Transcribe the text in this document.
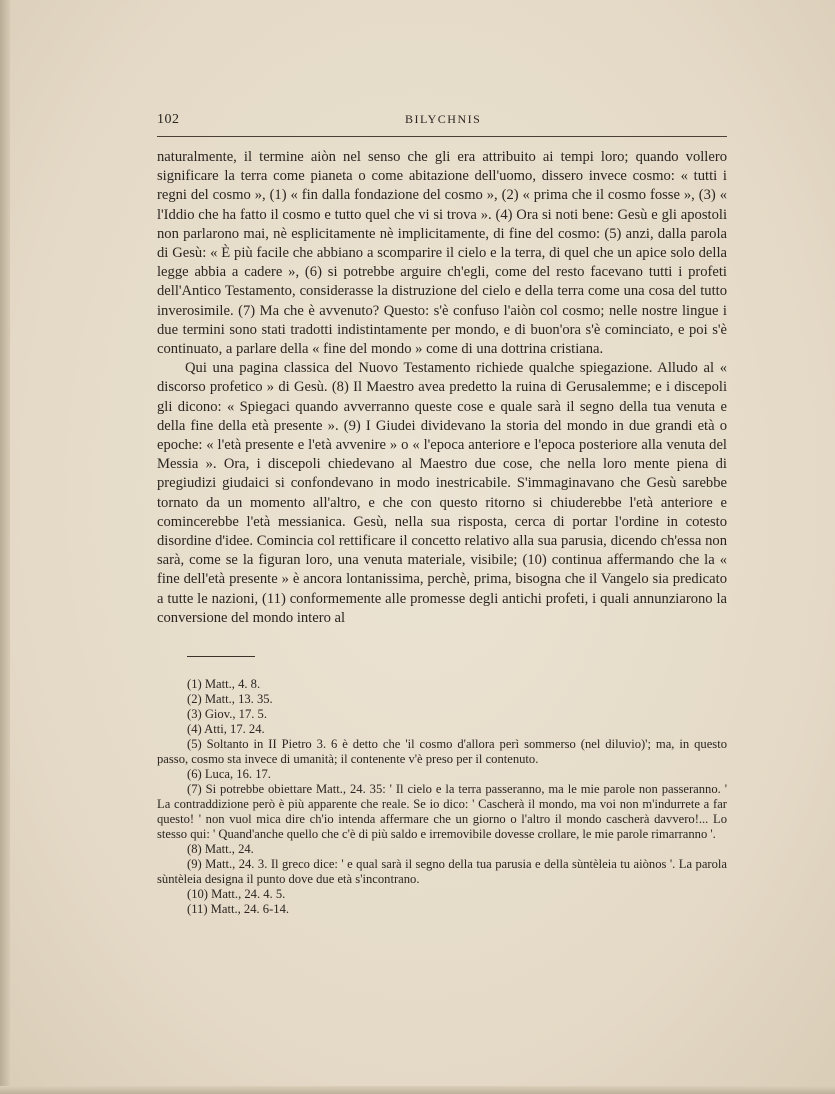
102	BILYCHNIS

naturalmente, il termine aiòn nel senso che gli era attribuito ai tempi loro; quando vollero significare la terra come pianeta o come abitazione dell'uomo, dissero invece cosmo: « tutti i regni del cosmo », (1) « fin dalla fondazione del cosmo », (2) « prima che il cosmo fosse », (3) « l'Iddio che ha fatto il cosmo e tutto quel che vi si trova ». (4) Ora si noti bene: Gesù e gli apostoli non parlarono mai, nè esplicitamente nè implicitamente, di fine del cosmo: (5) anzi, dalla parola di Gesù: « È più facile che abbiano a scomparire il cielo e la terra, di quel che un apice solo della legge abbia a cadere », (6) si potrebbe arguire ch'egli, come del resto facevano tutti i profeti dell'Antico Testamento, considerasse la distruzione del cielo e della terra come una cosa del tutto inverosimile. (7) Ma che è avvenuto? Questo: s'è confuso l'aiòn col cosmo; nelle nostre lingue i due termini sono stati tradotti indistintamente per mondo, e di buon'ora s'è cominciato, e poi s'è continuato, a parlare della « fine del mondo » come di una dottrina cristiana.

Qui una pagina classica del Nuovo Testamento richiede qualche spiegazione. Alludo al « discorso profetico » di Gesù. (8) Il Maestro avea predetto la ruina di Gerusalemme; e i discepoli gli dicono: « Spiegaci quando avverranno queste cose e quale sarà il segno della tua venuta e della fine della età presente ». (9) I Giudei dividevano la storia del mondo in due grandi età o epoche: « l'età presente e l'età avvenire » o « l'epoca anteriore e l'epoca posteriore alla venuta del Messia ». Ora, i discepoli chiedevano al Maestro due cose, che nella loro mente piena di pregiudizi giudaici si confondevano in modo inestricabile. S'immaginavano che Gesù sarebbe tornato da un momento all'altro, e che con questo ritorno si chiuderebbe l'età anteriore e comincerebbe l'età messianica. Gesù, nella sua risposta, cerca di portar l'ordine in cotesto disordine d'idee. Comincia col rettificare il concetto relativo alla sua parusia, dicendo ch'essa non sarà, come se la figuran loro, una venuta materiale, visibile; (10) continua affermando che la « fine dell'età presente » è ancora lontanissima, perchè, prima, bisogna che il Vangelo sia predicato a tutte le nazioni, (11) conformemente alle promesse degli antichi profeti, i quali annunziarono la conversione del mondo intero al

(1) Matt., 4. 8.

(2) Matt., 13. 35.

(3) Giov., 17. 5.

(4) Atti, 17. 24.

(5) Soltanto in II Pietro 3. 6 è detto che 'il cosmo d'allora perì sommerso (nel diluvio)'; ma, in questo passo, cosmo sta invece di umanità; il contenente v'è preso per il contenuto.

(6) Luca, 16. 17.

(7) Si potrebbe obiettare Matt., 24. 35: ' Il cielo e la terra passeranno, ma le mie parole non passeranno. ' La contraddizione però è più apparente che reale. Se io dico: ' Cascherà il mondo, ma voi non m'indurrete a far questo! ' non vuol mica dire ch'io intenda affermare che un giorno o l'altro il mondo cascherà davvero!... Lo stesso qui: ' Quand'anche quello che c'è di più saldo e irremovibile dovesse crollare, le mie parole rimarranno '.

(8) Matt., 24.

(9) Matt., 24. 3. Il greco dice: ' e qual sarà il segno della tua parusia e della sùntèleia tu aiònos '. La parola sùntèleia designa il punto dove due età s'incontrano.

(10) Matt., 24. 4. 5.

(11) Matt., 24. 6-14.
